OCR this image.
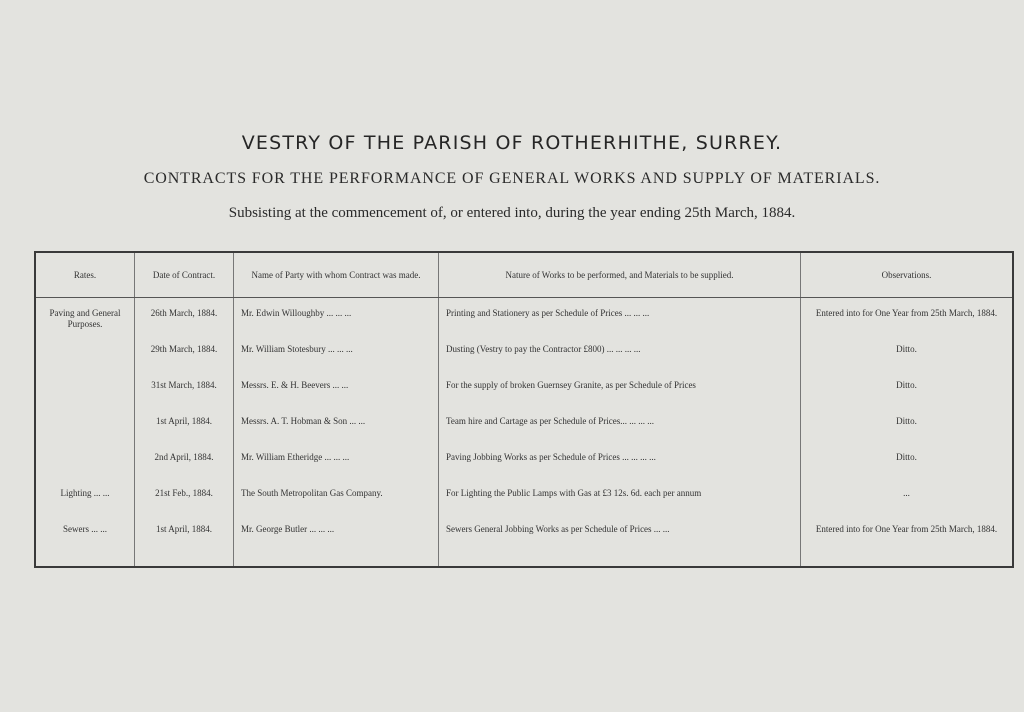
VESTRY OF THE PARISH OF ROTHERHITHE, SURREY.
CONTRACTS FOR THE PERFORMANCE OF GENERAL WORKS AND SUPPLY OF MATERIALS.
Subsisting at the commencement of, or entered into, during the year ending 25th March, 1884.
Rates.	Date of Contract.	Name of Party with whom Contract was made.	Nature of Works to be performed, and Materials to be supplied.	Observations.
Paving and General Purposes.	26th March, 1884.	Mr. Edwin Willoughby ... ... ...	Printing and Stationery as per Schedule of Prices ... ... ...	Entered into for One Year from 25th March, 1884.
	29th March, 1884.	Mr. William Stotesbury ... ... ...	Dusting (Vestry to pay the Contractor £800) ... ... ... ...	Ditto.
	31st March, 1884.	Messrs. E. & H. Beevers ... ...	For the supply of broken Guernsey Granite, as per Schedule of Prices	Ditto.
	1st April, 1884.	Messrs. A. T. Hobman & Son ... ...	Team hire and Cartage as per Schedule of Prices... ... ... ...	Ditto.
	2nd April, 1884.	Mr. William Etheridge ... ... ...	Paving Jobbing Works as per Schedule of Prices ... ... ... ...	Ditto.
Lighting ... ...	21st Feb., 1884.	The South Metropolitan Gas Company.	For Lighting the Public Lamps with Gas at £3 12s. 6d. each per annum	...
Sewers ... ...	1st April, 1884.	Mr. George Butler ... ... ...	Sewers General Jobbing Works as per Schedule of Prices ... ...	Entered into for One Year from 25th March, 1884.
